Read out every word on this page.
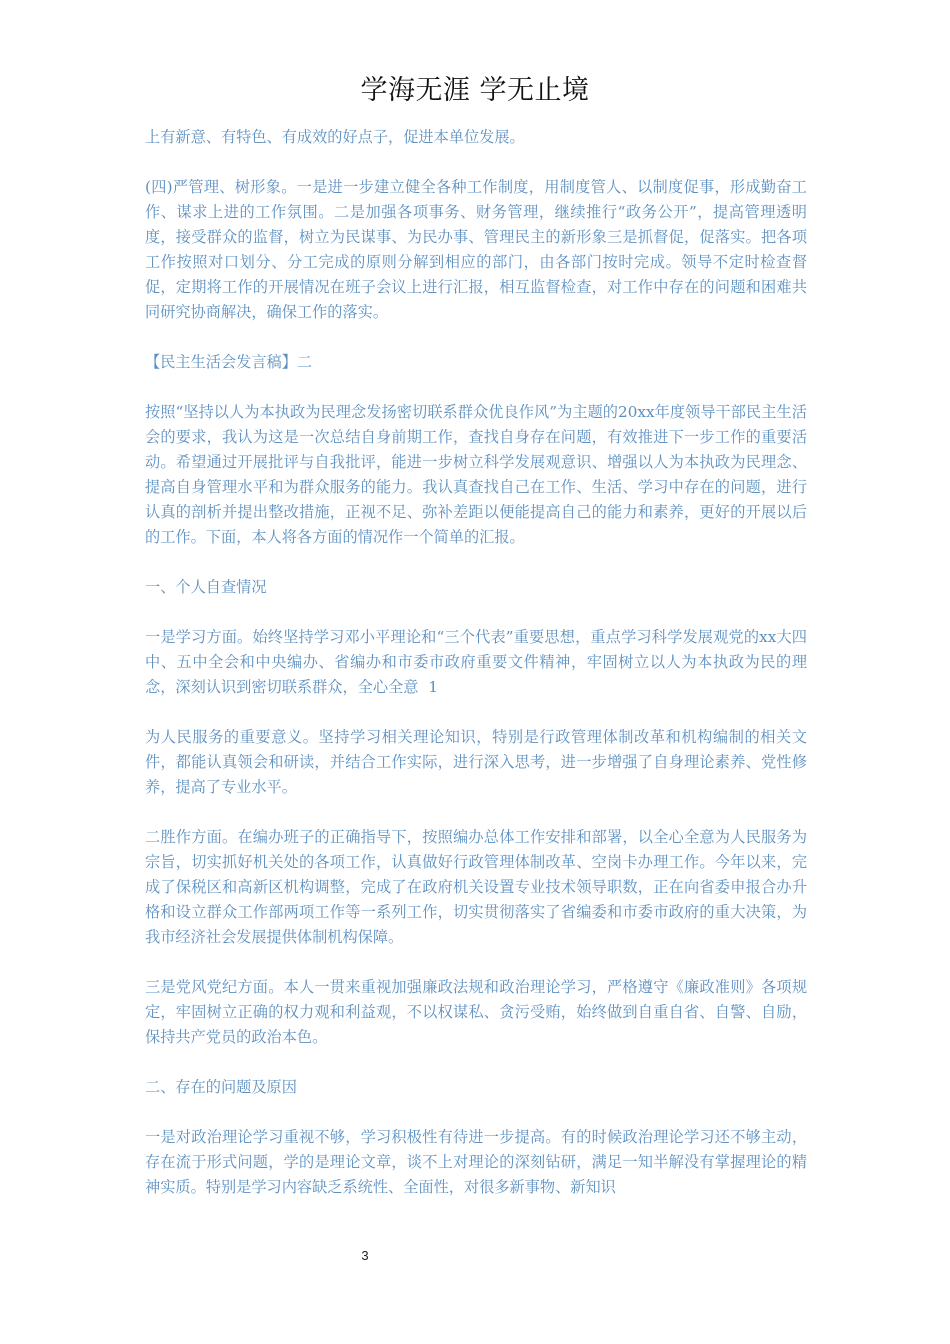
学海无涯 学无止境

上有新意、有特色、有成效的好点子，促进本单位发展。

(四)严管理、树形象。一是进一步建立健全各种工作制度，用制度管人、以制度促事，形成勤奋工作、谋求上进的工作氛围。二是加强各项事务、财务管理，继续推行“政务公开”，提高管理透明度，接受群众的监督，树立为民谋事、为民办事、管理民主的新形象三是抓督促，促落实。把各项工作按照对口划分、分工完成的原则分解到相应的部门，由各部门按时完成。领导不定时检查督促，定期将工作的开展情况在班子会议上进行汇报，相互监督检查，对工作中存在的问题和困难共同研究协商解决，确保工作的落实。

【民主生活会发言稿】二

按照“坚持以人为本执政为民理念发扬密切联系群众优良作风”为主题的20xx年度领导干部民主生活会的要求，我认为这是一次总结自身前期工作，查找自身存在问题，有效推进下一步工作的重要活动。希望通过开展批评与自我批评，能进一步树立科学发展观意识、增强以人为本执政为民理念、提高自身管理水平和为群众服务的能力。我认真查找自己在工作、生活、学习中存在的问题，进行认真的剖析并提出整改措施，正视不足、弥补差距以便能提高自己的能力和素养，更好的开展以后的工作。下面，本人将各方面的情况作一个简单的汇报。

一、个人自查情况

一是学习方面。始终坚持学习邓小平理论和“三个代表”重要思想，重点学习科学发展观党的xx大四中、五中全会和中央编办、省编办和市委市政府重要文件精神，牢固树立以人为本执政为民的理念，深刻认识到密切联系群众，全心全意 1

为人民服务的重要意义。坚持学习相关理论知识，特别是行政管理体制改革和机构编制的相关文件，都能认真领会和研读，并结合工作实际，进行深入思考，进一步增强了自身理论素养、党性修养，提高了专业水平。

二胜作方面。在编办班子的正确指导下，按照编办总体工作安排和部署，以全心全意为人民服务为宗旨，切实抓好机关处的各项工作，认真做好行政管理体制改革、空岗卡办理工作。今年以来，完成了保税区和高新区机构调整，完成了在政府机关设置专业技术领导职数，正在向省委申报合办升格和设立群众工作部两项工作等一系列工作，切实贯彻落实了省编委和市委市政府的重大决策，为我市经济社会发展提供体制机构保障。

三是党风党纪方面。本人一贯来重视加强廉政法规和政治理论学习，严格遵守《廉政准则》各项规定，牢固树立正确的权力观和利益观，不以权谋私、贪污受贿，始终做到自重自省、自警、自励，保持共产党员的政治本色。

二、存在的问题及原因

一是对政治理论学习重视不够，学习积极性有待进一步提高。有的时候政治理论学习还不够主动，存在流于形式问题，学的是理论文章，谈不上对理论的深刻钻研，满足一知半解没有掌握理论的精神实质。特别是学习内容缺乏系统性、全面性，对很多新事物、新知识

3
